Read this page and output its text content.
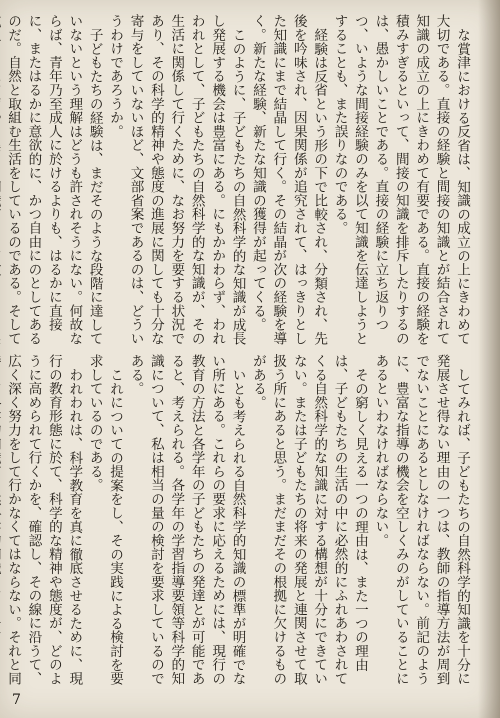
な賞津における反省は、知識の成立の上にきわめて大切である。直接の経験と間接の知識とが結合されて知識の成立の上にきわめて有要である。直接の経験を積みすぎるといって、間接の知識を排斥したりするのは、愚かしいことである。直接の経験に立ち返りつつ、いような間接経験のみを以て知識を伝達しようとすることも、また誤りなのである。

経験は反省という形の下で比較され、分類され、先後を吟味され、因果関係が追究されて、はっきりとした知識にまで結晶して行く。その結晶が次の経験を導く。新たな経験、新たな知識の獲得が起ってくる。

このように、子どもたちの自然科学的な知識が成長し発展する機会は豊富にある。にもかかわらず、われわれとして、子どもたちの自然科学的な知識が、その生活に関係して行くために、なお努力を要する状況であり、その科学的精神や態度の進展に関しても十分な寄与をしていないほど、文部省案であるのは、どういうわけであろうか。

子どもたちの経験は、まだそのような段階に達していないという理解はどうも許されそうにない。何故ならば、青年乃至成人に於けるよりも、はるかに直接に、またはるかに意欲的に、かつ自由にのとしてあるのだ。自然と取組む生活をしているのである。そして

してみれば、子どもたちの自然科学的知識を十分に発展させ得ない理由の一つは、教師の指導方法が周到でないことにあるとしなければならない。前記のように、豊富な指導の機会を空しくみのがしていることにあるといわなければならない。

その窮しく見える一つの理由は、また一つの理由は、子どもたちの生活の中に必然的にふれあわされてくる自然科学的な知識に対する構想が十分にできていない。または子どもたちの将来の発展と連関させて取扱う所にあると思う。まだまだその根拠に欠けるものがある。

いとも考えられる自然科学的知識の標準が明確でない所にある。これらの要求に応えるためには、現行の教育の方法と各学年の子どもたちの発達とが可能であると、考えられる。各学年の学習指導要領等科学的知識について、私は相当の量の検討を要求しているのである。

これについての提案をし、その実践による検討を要求しているのである。

われわれは、科学教育を真に徹底させるために、現行の教育形態に於て、科学的な精神や態度が、どのように高められて行くかを、確認し、その線に沿うて、広く深く努力をして行かなくてはならない。それと同

7
